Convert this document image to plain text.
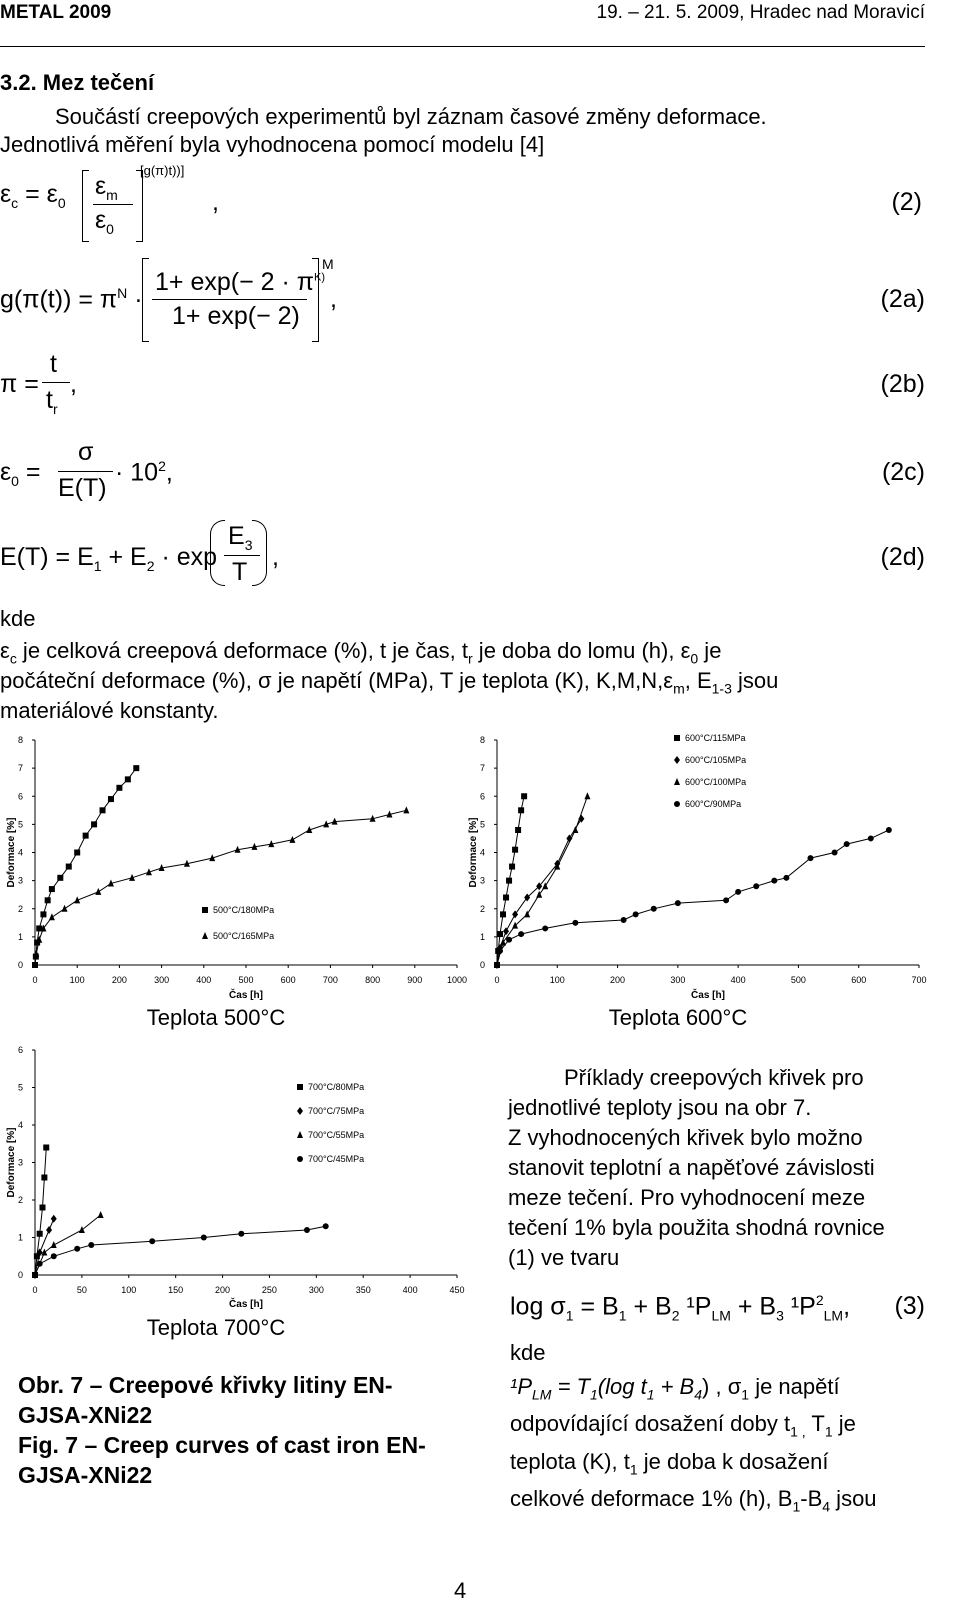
METAL 2009	19. – 21. 5. 2009, Hradec nad Moravicí
3.2. Mez tečení
Součástí creepových experimentů byl záznam časové změny deformace.
Jednotlivá měření byla vyhodnocena pomocí modelu [4]
$\varepsilon_c = \varepsilon_0$
$\varepsilon_m$
$\varepsilon_0$
[g(π)t))]
,	(2)
$g(\pi(t)) = \pi^N$ ·
$1+ \exp(- 2 \cdot \pi^{K)}$
1+ exp(− 2)
M
,	(2a)
π =
t
$t_r$
,	(2b)
$\varepsilon_0$ =
σ
E(T)
· $10^2$,	(2c)
$E(T) = E_1 + E_2 \cdot \exp$
$E_3$
T
,	(2d)
kde
$\varepsilon_c$ je celková creepová deformace (%), t je čas, $t_r$ je doba do lomu (h), $\varepsilon_0$ je
počáteční deformace (%), σ je napětí (MPa), T je teplota (K), $K,M,N,\varepsilon_m$, $E_{1-3}$ jsou
materiálové konstanty.
0
1
2
3
4
5
6
7
8
0	100	200	300	400	500	600	700	800	900	1000
Čas [h]
Deformace [%]
Teplota 500°C
500°C/180MPa
500°C/165MPa
0
1
2
3
4
5
6
7
8
0	100	200	300	400	500	600	700
Čas [h]
Deformace [%]
Teplota 600°C
600°C/115MPa
600°C/105MPa
600°C/100MPa
600°C/90MPa
0
1
2
3
4
5
6
0	50	100	150	200	250	300	350	400	450
Čas [h]
Deformace [%]
Teplota 700°C
700°C/80MPa
700°C/75MPa
700°C/55MPa
700°C/45MPa
Obr. 7 – Creepové křivky litiny EN-
GJSA-XNi22
Fig. 7 – Creep curves of cast iron EN-
GJSA-XNi22
Příklady creepových křivek pro
jednotlivé teploty jsou na obr 7.
Z vyhodnocených křivek bylo možno
stanovit teplotní a napěťové závislosti
meze tečení. Pro vyhodnocení meze
tečení 1% byla použita shodná rovnice
(1) ve tvaru
$\log \sigma_1 = B_1 + B_2$ $^1P_{LM} + B_3$ $^1P^2_{LM}$, (3)
kde
$^1P_{LM} = T_1(\log$ $t_1 + B_4$) , $\sigma_1$ je napětí
odpovídající dosažení doby $t_{1 ,}$ $T_1$ je
teplota (K), $t_1$ je doba k dosažení
celkové deformace 1% (h), $B_1-B_4$ jsou
4
